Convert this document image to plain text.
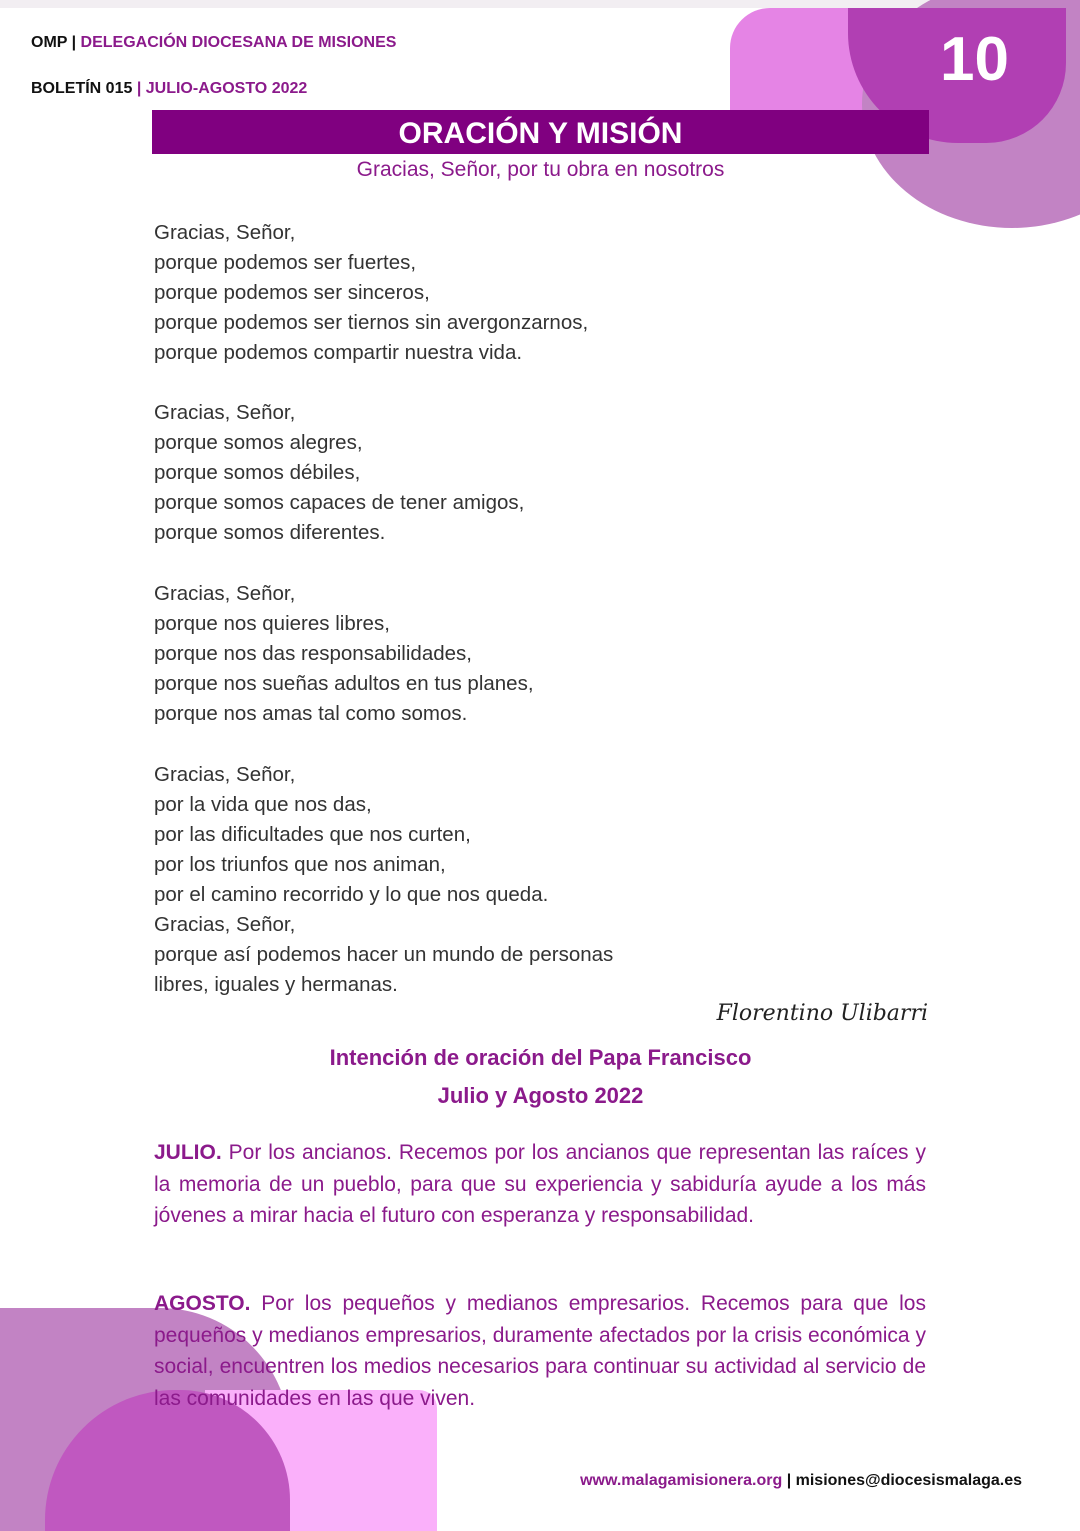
10
OMP | DELEGACIÓN DIOCESANA DE MISIONES
BOLETÍN 015 | JULIO-AGOSTO 2022
ORACIÓN Y MISIÓN
Gracias, Señor, por tu obra en nosotros
Gracias, Señor,
porque podemos ser fuertes,
porque podemos ser sinceros,
porque podemos ser tiernos sin avergonzarnos,
porque podemos compartir nuestra vida.
Gracias, Señor,
porque somos alegres,
porque somos débiles,
porque somos capaces de tener amigos,
porque somos diferentes.
Gracias, Señor,
porque nos quieres libres,
porque nos das responsabilidades,
porque nos sueñas adultos en tus planes,
porque nos amas tal como somos.
Gracias, Señor,
por la vida que nos das,
por las dificultades que nos curten,
por los triunfos que nos animan,
por el camino recorrido y lo que nos queda.
Gracias, Señor,
porque así podemos hacer un mundo de personas
libres, iguales y hermanas.
Florentino Ulibarri
Intención de oración del Papa Francisco
Julio y Agosto 2022
JULIO. Por los ancianos. Recemos por los ancianos que representan las raíces y la memoria de un pueblo, para que su experiencia y sabiduría ayude a los más jóvenes a mirar hacia el futuro con esperanza y responsabilidad.
AGOSTO. Por los pequeños y medianos empresarios. Recemos para que los pequeños y medianos empresarios, duramente afectados por la crisis económica y social, encuentren los medios necesarios para continuar su actividad al servicio de las comunidades en las que viven.
www.malagamisionera.org | misiones@diocesismalaga.es
